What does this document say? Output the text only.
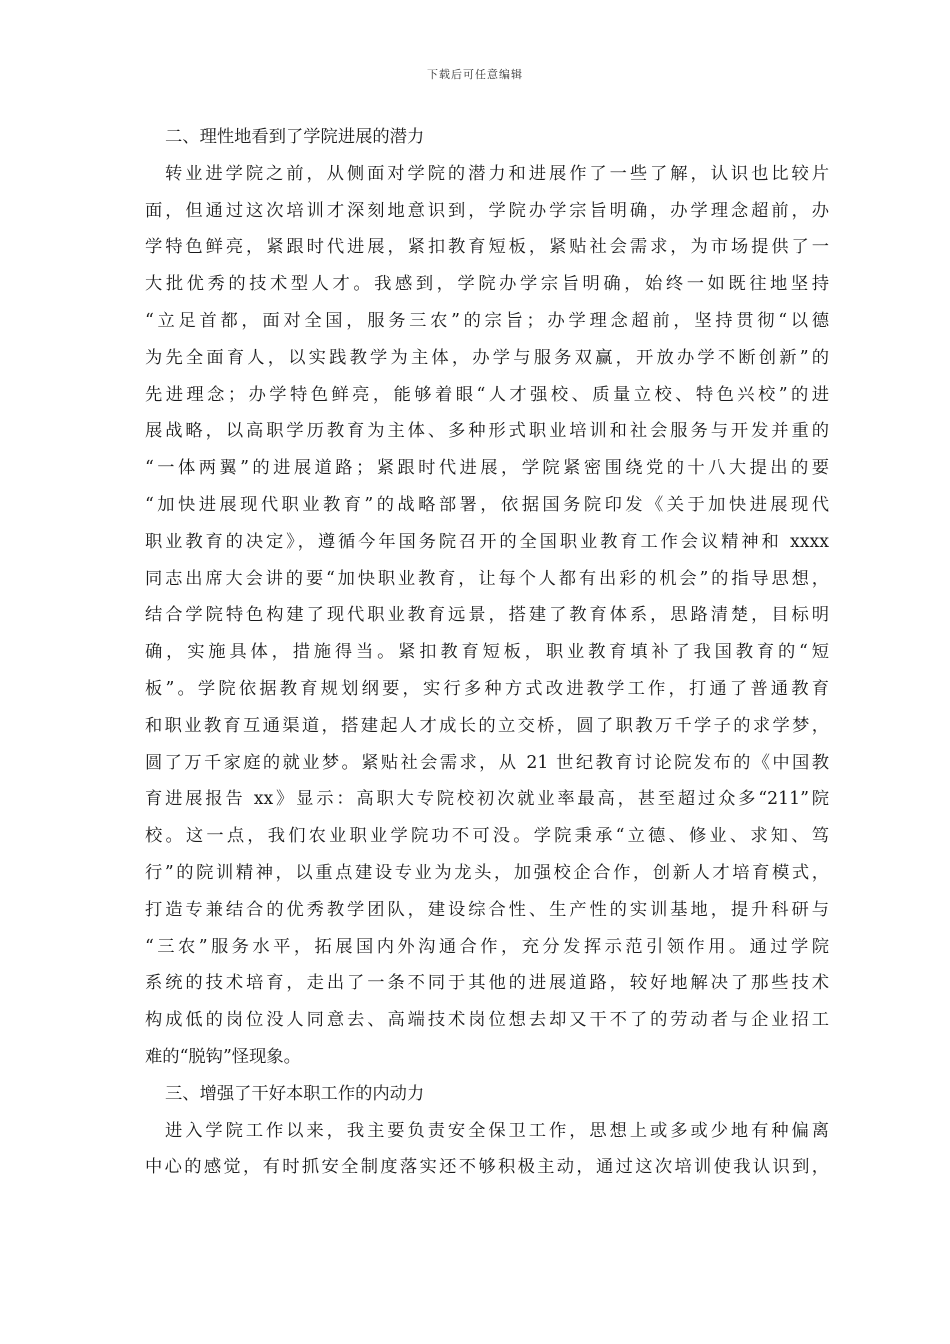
下载后可任意编辑
二、理性地看到了学院进展的潜力
转业进学院之前，从侧面对学院的潜力和进展作了一些了解，认识也比较片
面，但通过这次培训才深刻地意识到，学院办学宗旨明确，办学理念超前，办
学特色鲜亮，紧跟时代进展，紧扣教育短板，紧贴社会需求，为市场提供了一
大批优秀的技术型人才。我感到，学院办学宗旨明确，始终一如既往地坚持
“立足首都，面对全国，服务三农”的宗旨；办学理念超前，坚持贯彻“以德
为先全面育人，以实践教学为主体，办学与服务双赢，开放办学不断创新”的
先进理念；办学特色鲜亮，能够着眼“人才强校、质量立校、特色兴校”的进
展战略，以高职学历教育为主体、多种形式职业培训和社会服务与开发并重的
“一体两翼”的进展道路；紧跟时代进展，学院紧密围绕党的十八大提出的要
“加快进展现代职业教育”的战略部署，依据国务院印发《关于加快进展现代
职业教育的决定》，遵循今年国务院召开的全国职业教育工作会议精神和 xxxx
同志出席大会讲的要“加快职业教育，让每个人都有出彩的机会”的指导思想，
结合学院特色构建了现代职业教育远景，搭建了教育体系，思路清楚，目标明
确，实施具体，措施得当。紧扣教育短板，职业教育填补了我国教育的“短
板”。学院依据教育规划纲要，实行多种方式改进教学工作，打通了普通教育
和职业教育互通渠道，搭建起人才成长的立交桥，圆了职教万千学子的求学梦，
圆了万千家庭的就业梦。紧贴社会需求，从 21 世纪教育讨论院发布的《中国教
育进展报告 xx》显示：高职大专院校初次就业率最高，甚至超过众多“211”院
校。这一点，我们农业职业学院功不可没。学院秉承“立德、修业、求知、笃
行”的院训精神，以重点建设专业为龙头，加强校企合作，创新人才培育模式，
打造专兼结合的优秀教学团队，建设综合性、生产性的实训基地，提升科研与
“三农”服务水平，拓展国内外沟通合作，充分发挥示范引领作用。通过学院
系统的技术培育，走出了一条不同于其他的进展道路，较好地解决了那些技术
构成低的岗位没人同意去、高端技术岗位想去却又干不了的劳动者与企业招工
难的“脱钩”怪现象。
三、增强了干好本职工作的内动力
进入学院工作以来，我主要负责安全保卫工作，思想上或多或少地有种偏离
中心的感觉，有时抓安全制度落实还不够积极主动，通过这次培训使我认识到，
